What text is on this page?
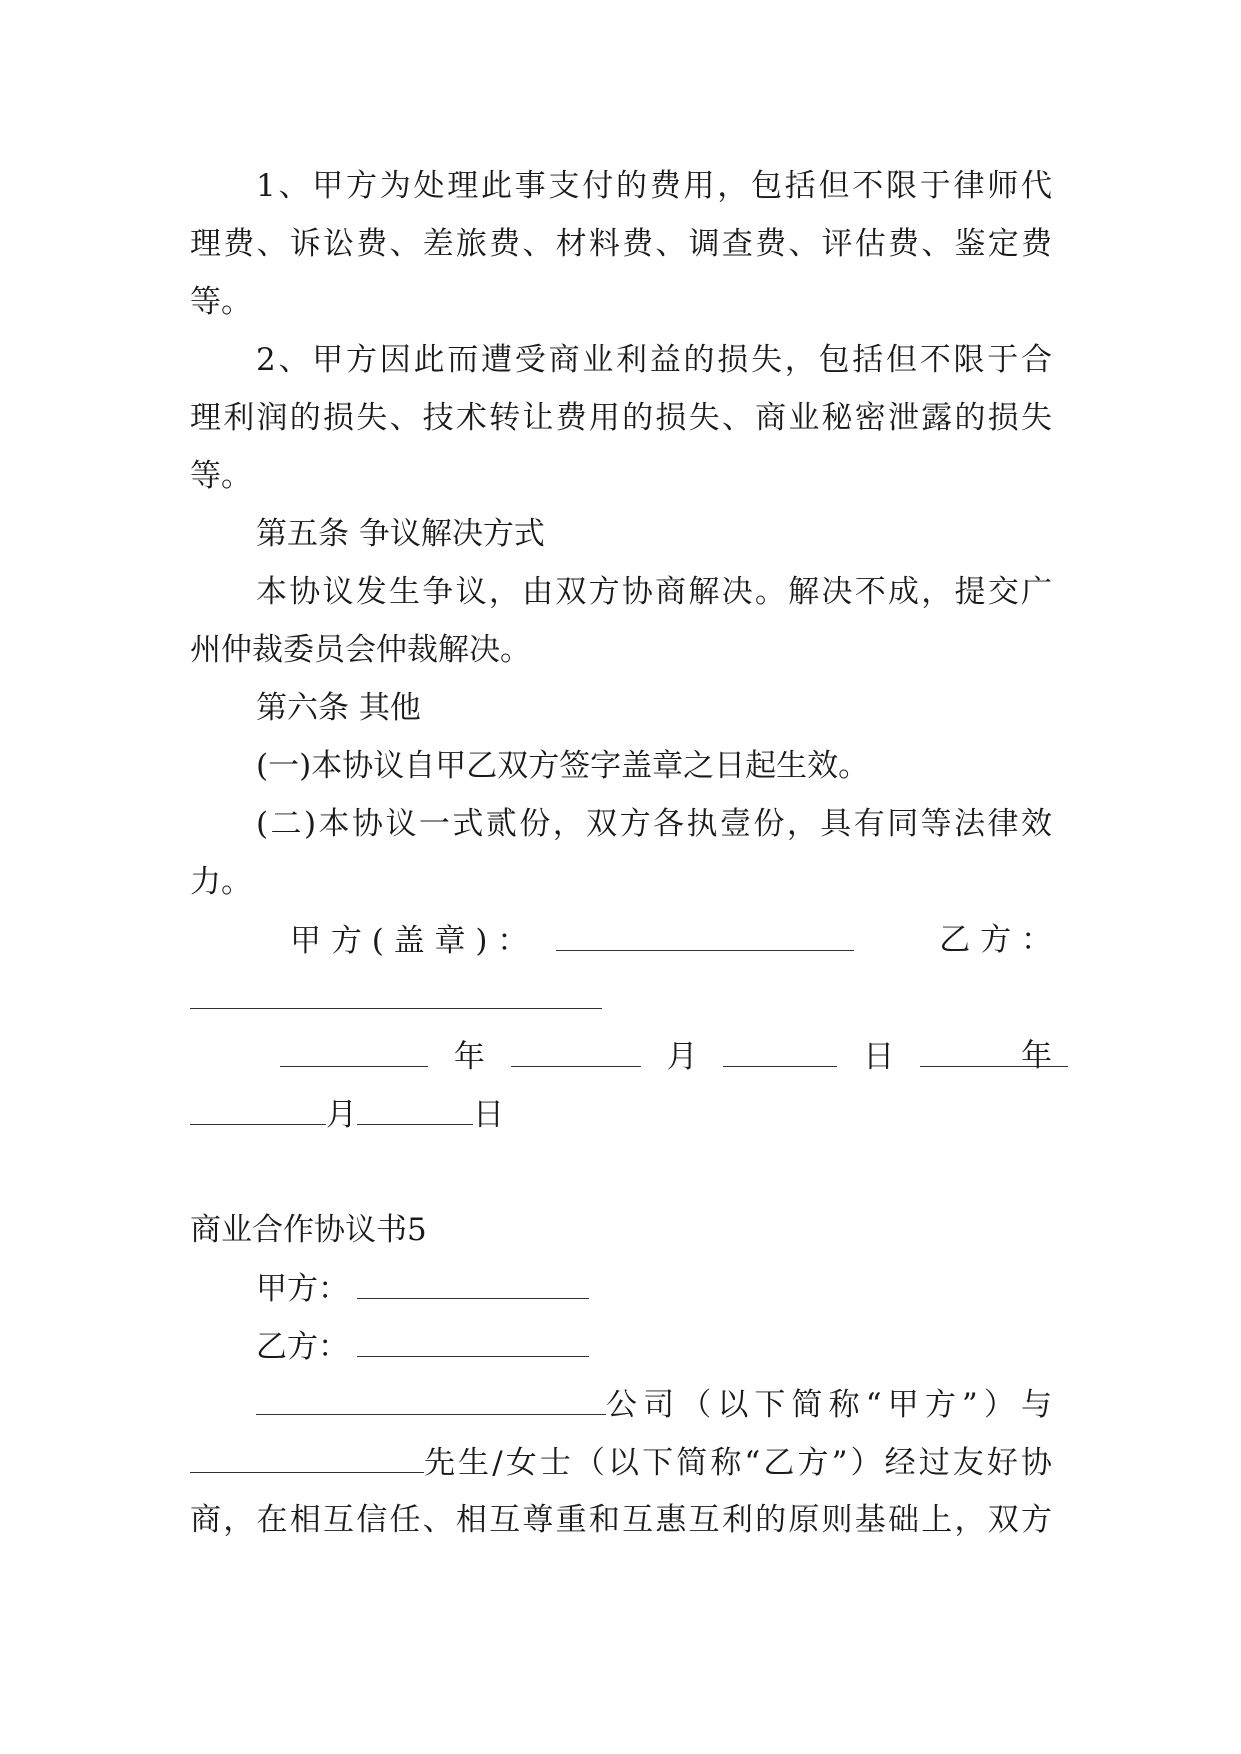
1、甲方为处理此事支付的费用，包括但不限于律师代
理费、诉讼费、差旅费、材料费、调查费、评估费、鉴定费
等。
2、甲方因此而遭受商业利益的损失，包括但不限于合
理利润的损失、技术转让费用的损失、商业秘密泄露的损失
等。
第五条 争议解决方式
本协议发生争议，由双方协商解决。解决不成，提交广
州仲裁委员会仲裁解决。
第六条 其他
(一)本协议自甲乙双方签字盖章之日起生效。
(二)本协议一式贰份，双方各执壹份，具有同等法律效
力。
甲 方 ( 盖 章 ) ：	乙 方 ：
年	月	日	年
月	日
商业合作协议书5
甲方：
乙方：
公司（以下简称“甲方”）与
先生/女士（以下简称“乙方”）经过友好协
商，在相互信任、相互尊重和互惠互利的原则基础上，双方
